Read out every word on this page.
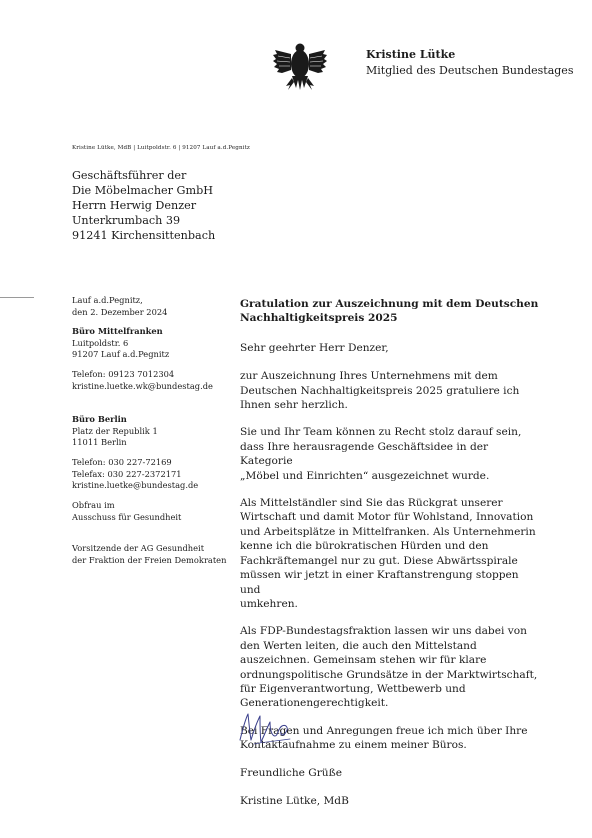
Kristine Lütke
Mitglied des Deutschen Bundestages
Kristine Lütke, MdB | Luitpoldstr. 6 | 91207 Lauf a.d.Pegnitz
Geschäftsführer der
Die Möbelmacher GmbH
Herrn Herwig Denzer
Unterkrumbach 39
91241 Kirchensittenbach
Lauf a.d.Pegnitz,
den 2. Dezember 2024
Büro Mittelfranken
Luitpoldstr. 6
91207 Lauf a.d.Pegnitz
Telefon: 09123 7012304
kristine.luetke.wk@bundestag.de
Büro Berlin
Platz der Republik 1
11011 Berlin
Telefon: 030 227-72169
Telefax: 030 227-2372171
kristine.luetke@bundestag.de
Obfrau im
Ausschuss für Gesundheit
Vorsitzende der AG Gesundheit
der Fraktion der Freien Demokraten

Gratulation zur Auszeichnung mit dem Deutschen
Nachhaltigkeitspreis 2025

Sehr geehrter Herr Denzer,

zur Auszeichnung Ihres Unternehmens mit dem
Deutschen Nachhaltigkeitspreis 2025 gratuliere ich
Ihnen sehr herzlich.

Sie und Ihr Team können zu Recht stolz darauf sein,
dass Ihre herausragende Geschäftsidee in der Kategorie
„Möbel und Einrichten“ ausgezeichnet wurde.

Als Mittelständler sind Sie das Rückgrat unserer
Wirtschaft und damit Motor für Wohlstand, Innovation
und Arbeitsplätze in Mittelfranken. Als Unternehmerin
kenne ich die bürokratischen Hürden und den
Fachkräftemangel nur zu gut. Diese Abwärtsspirale
müssen wir jetzt in einer Kraftanstrengung stoppen und
umkehren.

Als FDP-Bundestagsfraktion lassen wir uns dabei von
den Werten leiten, die auch den Mittelstand
auszeichnen. Gemeinsam stehen wir für klare
ordnungspolitische Grundsätze in der Marktwirtschaft,
für Eigenverantwortung, Wettbewerb und
Generationengerechtigkeit.

Bei Fragen und Anregungen freue ich mich über Ihre
Kontaktaufnahme zu einem meiner Büros.

Freundliche Grüße

Kristine Lütke, MdB
